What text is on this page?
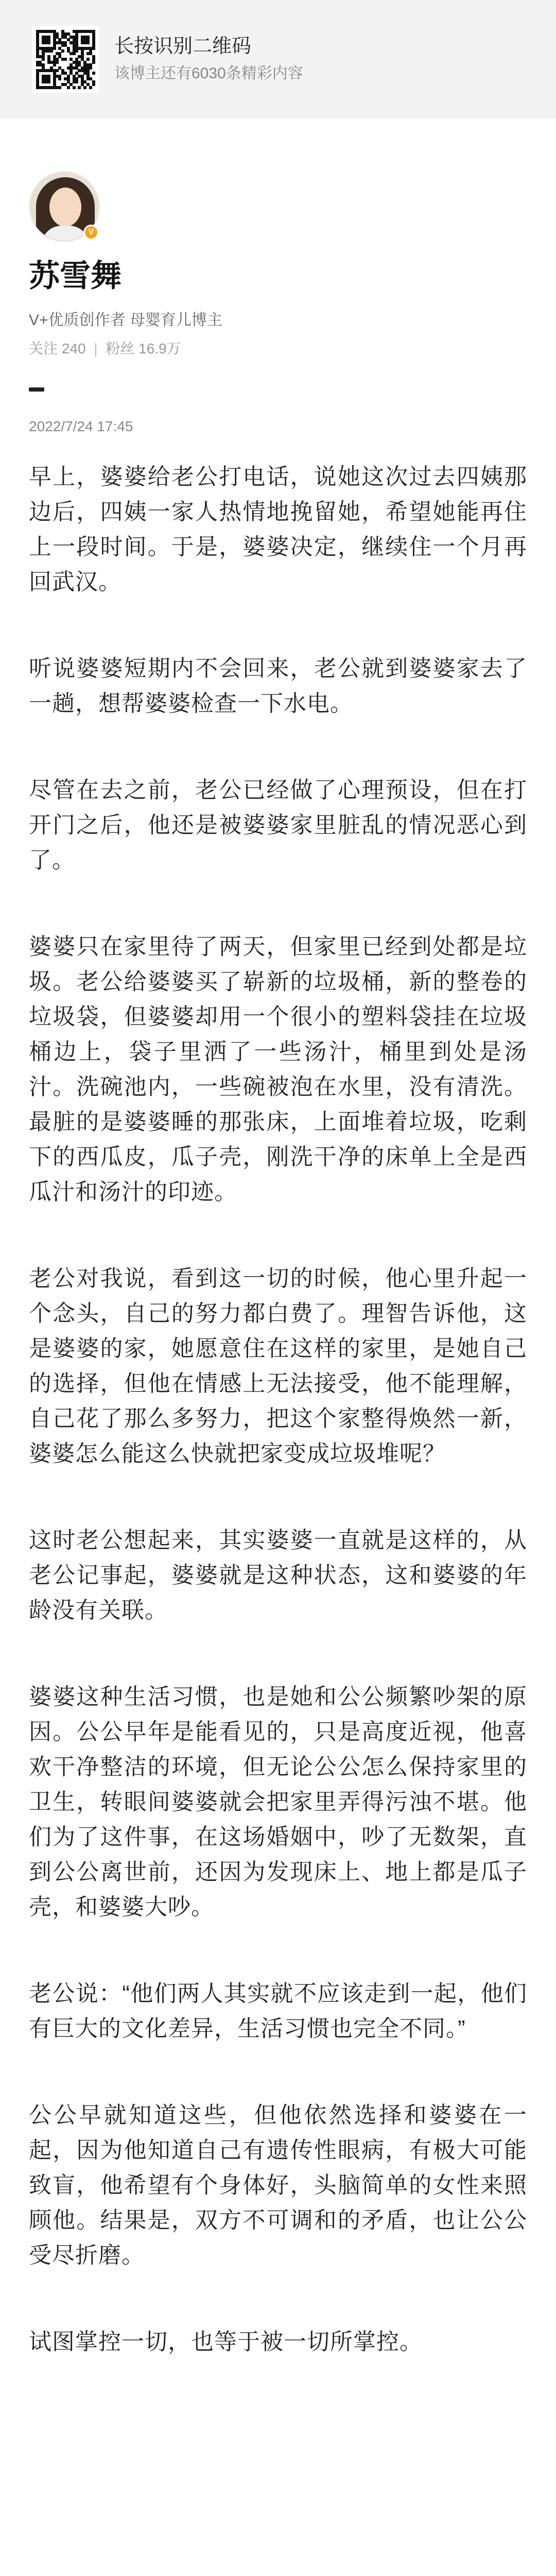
长按识别二维码
该博主还有6030条精彩内容
V
苏雪舞
V+优质创作者 母婴育儿博主
关注 240 | 粉丝 16.9万
2022/7/24 17:45

早上，婆婆给老公打电话，说她这次过去四姨那边后，四姨一家人热情地挽留她，希望她能再住上一段时间。于是，婆婆决定，继续住一个月再回武汉。

听说婆婆短期内不会回来，老公就到婆婆家去了一趟，想帮婆婆检查一下水电。

尽管在去之前，老公已经做了心理预设，但在打开门之后，他还是被婆婆家里脏乱的情况恶心到了。

婆婆只在家里待了两天，但家里已经到处都是垃圾。老公给婆婆买了崭新的垃圾桶，新的整卷的垃圾袋，但婆婆却用一个很小的塑料袋挂在垃圾桶边上，袋子里洒了一些汤汁，桶里到处是汤汁。洗碗池内，一些碗被泡在水里，没有清洗。最脏的是婆婆睡的那张床，上面堆着垃圾，吃剩下的西瓜皮，瓜子壳，刚洗干净的床单上全是西瓜汁和汤汁的印迹。

老公对我说，看到这一切的时候，他心里升起一个念头，自己的努力都白费了。理智告诉他，这是婆婆的家，她愿意住在这样的家里，是她自己的选择，但他在情感上无法接受，他不能理解，自己花了那么多努力，把这个家整得焕然一新，婆婆怎么能这么快就把家变成垃圾堆呢？

这时老公想起来，其实婆婆一直就是这样的，从老公记事起，婆婆就是这种状态，这和婆婆的年龄没有关联。

婆婆这种生活习惯，也是她和公公频繁吵架的原因。公公早年是能看见的，只是高度近视，他喜欢干净整洁的环境，但无论公公怎么保持家里的卫生，转眼间婆婆就会把家里弄得污浊不堪。他们为了这件事，在这场婚姻中，吵了无数架，直到公公离世前，还因为发现床上、地上都是瓜子壳，和婆婆大吵。

老公说：“他们两人其实就不应该走到一起，他们有巨大的文化差异，生活习惯也完全不同。”

公公早就知道这些，但他依然选择和婆婆在一起，因为他知道自己有遗传性眼病，有极大可能致盲，他希望有个身体好，头脑简单的女性来照顾他。结果是，双方不可调和的矛盾，也让公公受尽折磨。

试图掌控一切，也等于被一切所掌控。
